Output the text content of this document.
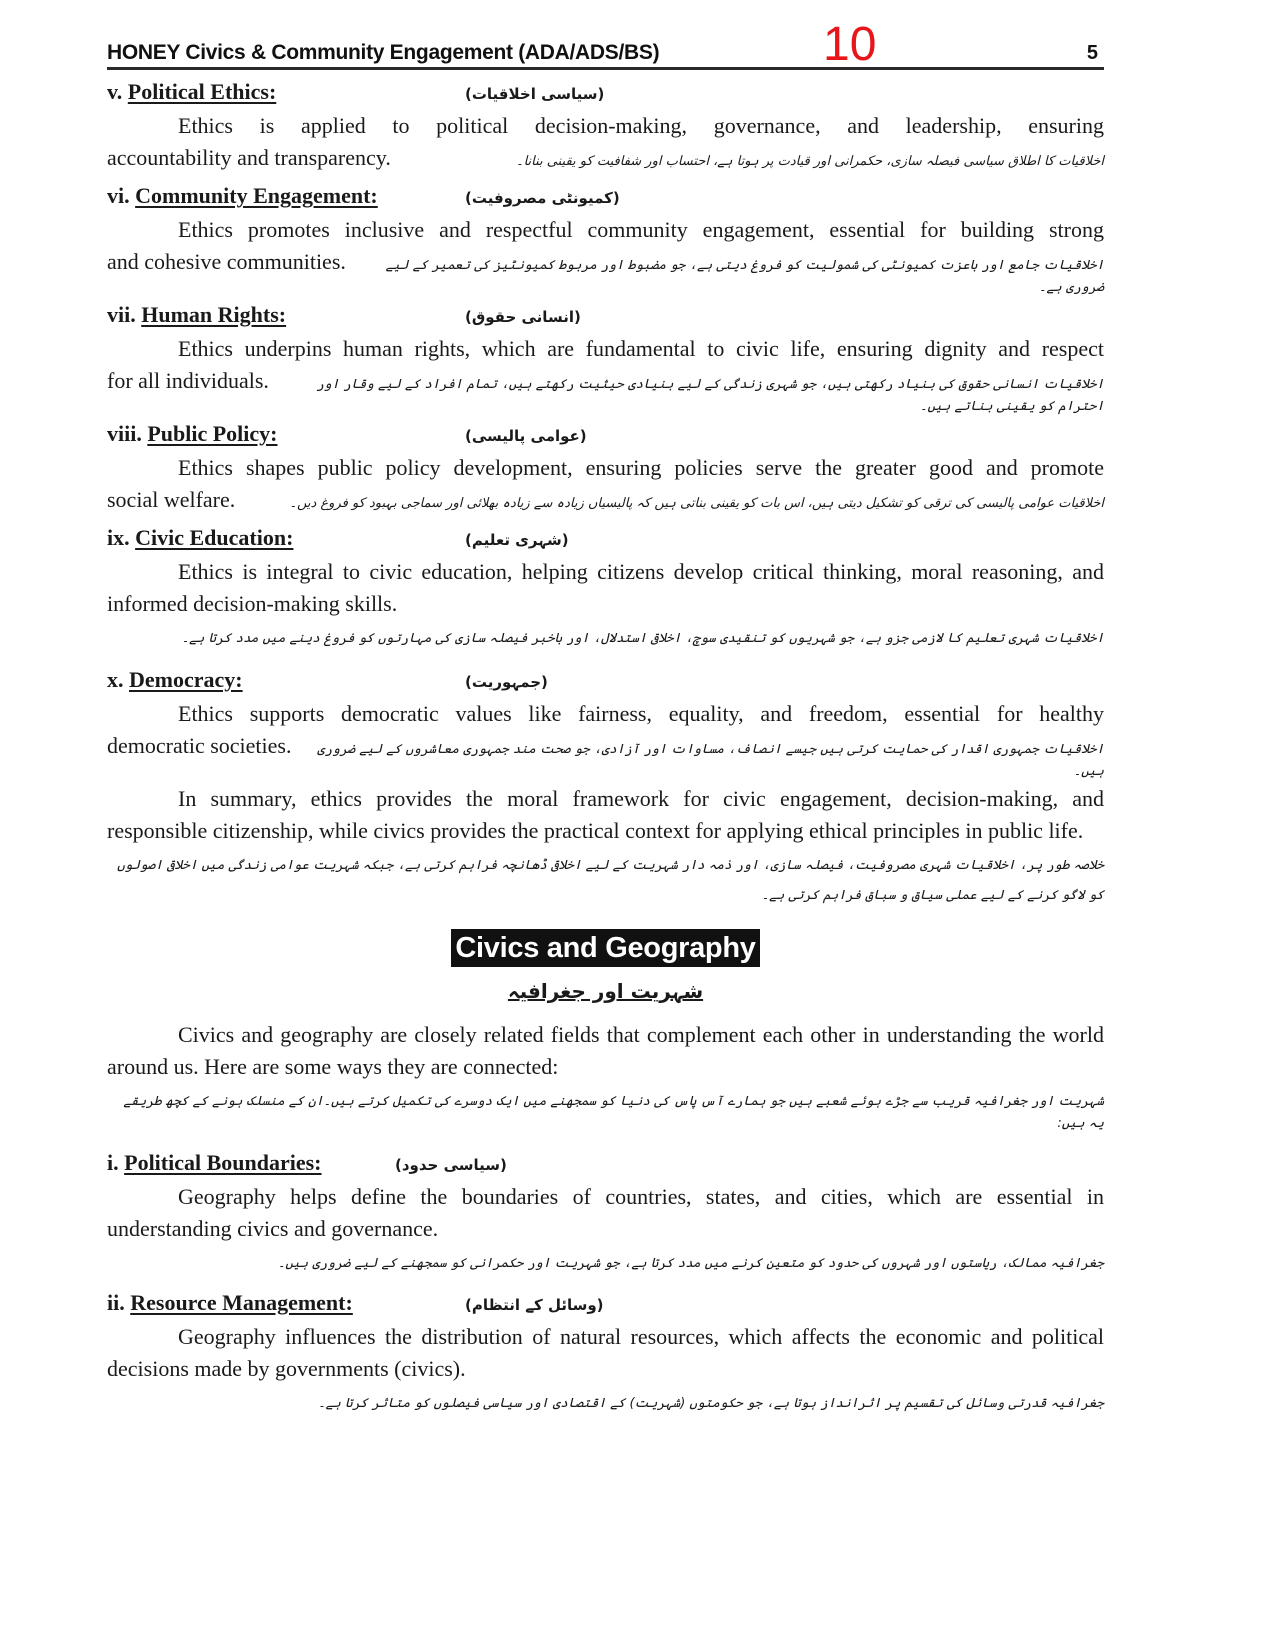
HONEY Civics & Community Engagement (ADA/ADS/BS)	10	5
v. Political Ethics:	(سیاسی اخلاقیات)

Ethics is applied to political decision-making, governance, and leadership, ensuring

accountability and transparency.	اخلاقیات کا اطلاق سیاسی فیصلہ سازی، حکمرانی اور قیادت پر ہوتا ہے، احتساب اور شفافیت کو یقینی بنانا۔
vi. Community Engagement:	(کمیونٹی مصروفیت)

Ethics promotes inclusive and respectful community engagement, essential for building strong

and cohesive communities.	اخلاقیات جامع اور باعزت کمیونٹی کی شمولیت کو فروغ دیتی ہے، جو مضبوط اور مربوط کمیونٹیز کی تعمیر کے لیے ضروری ہے۔
vii. Human Rights:	(انسانی حقوق)

Ethics underpins human rights, which are fundamental to civic life, ensuring dignity and respect

for all individuals.	اخلاقیات انسانی حقوق کی بنیاد رکھتی ہیں، جو شہری زندگی کے لیے بنیادی حیثیت رکھتے ہیں، تمام افراد کے لیے وقار اور احترام کو یقینی بناتے ہیں۔
viii. Public Policy:	(عوامی پالیسی)

Ethics shapes public policy development, ensuring policies serve the greater good and promote

social welfare.	اخلاقیات عوامی پالیسی کی ترقی کو تشکیل دیتی ہیں، اس بات کو یقینی بناتی ہیں کہ پالیسیاں زیادہ سے زیادہ بھلائی اور سماجی بہبود کو فروغ دیں۔
ix. Civic Education:	(شہری تعلیم)

Ethics is integral to civic education, helping citizens develop critical thinking, moral reasoning, and informed decision-making skills.

اخلاقیات شہری تعلیم کا لازمی جزو ہے، جو شہریوں کو تنقیدی سوچ، اخلاقی استدلال، اور باخبر فیصلہ سازی کی مہارتوں کو فروغ دینے میں مدد کرتا ہے۔
x. Democracy:	(جمہوریت)

Ethics supports democratic values like fairness, equality, and freedom, essential for healthy

democratic societies. اخلاقیات جمہوری اقدار کی حمایت کرتی ہیں جیسے انصاف، مساوات اور آزادی، جو صحت مند جمہوری معاشروں کے لیے ضروری ہیں۔

In summary, ethics provides the moral framework for civic engagement, decision-making, and responsible citizenship, while civics provides the practical context for applying ethical principles in public life.

خلاصہ طور پر، اخلاقیات شہری مصروفیت، فیصلہ سازی، اور ذمہ دار شہریت کے لیے اخلاقی ڈھانچہ فراہم کرتی ہے، جبکہ شہریت عوامی زندگی میں اخلاقی اصولوں کو لاگو کرنے کے لیے عملی سیاق و سباق فراہم کرتی ہے۔
Civics and Geography
شہریت اور جغرافیہ

Civics and geography are closely related fields that complement each other in understanding the world around us. Here are some ways they are connected:

شہریت اور جغرافیہ قریب سے جڑے ہوئے شعبے ہیں جو ہمارے آس پاس کی دنیا کو سمجھنے میں ایک دوسرے کی تکمیل کرتے ہیں۔ان کے منسلک ہونے کے کچھ طریقے یہ ہیں:
i. Political Boundaries:	(سیاسی حدود)

Geography helps define the boundaries of countries, states, and cities, which are essential in understanding civics and governance.

جغرافیہ ممالک، ریاستوں اور شہروں کی حدود کو متعین کرنے میں مدد کرتا ہے، جو شہریت اور حکمرانی کو سمجھنے کے لیے ضروری ہیں۔
ii. Resource Management:	(وسائل کے انتظام)

Geography influences the distribution of natural resources, which affects the economic and political decisions made by governments (civics).

جغرافیہ قدرتی وسائل کی تقسیم پر اثرانداز ہوتا ہے، جو حکومتوں (شہریت) کے اقتصادی اور سیاسی فیصلوں کو متاثر کرتا ہے۔
